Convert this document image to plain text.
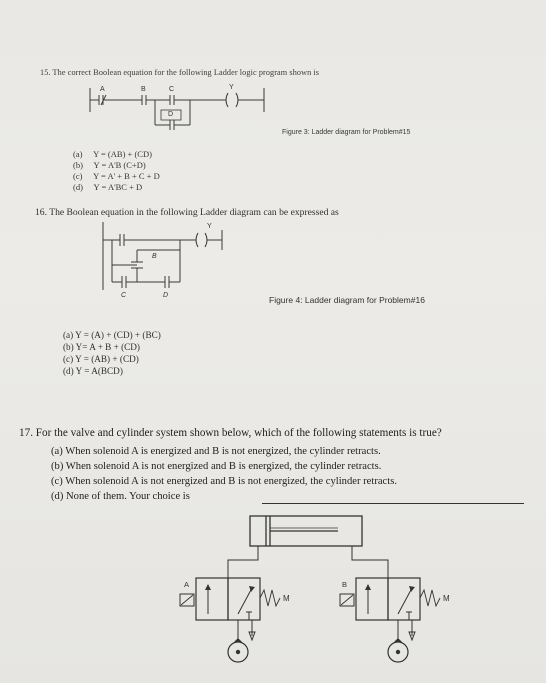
15. The correct Boolean equation for the following Ladder logic program shown is
A	B	C
D
Y
Figure 3: Ladder diagram for Problem#15
(a) Y = (AB) + (CD)
(b) Y = A'B (C+D)
(c) Y = A' + B + C + D
(d) Y = A'BC + D
16. The Boolean equation in the following Ladder diagram can be expressed as
Y
B
C	D	Figure 4: Ladder diagram for Problem#16
(a) Y = (A) + (CD) + (BC)
(b) Y= A + B + (CD)
(c) Y = (AB) + (CD)
(d) Y = A(BCD)
17. For the valve and cylinder system shown below, which of the following statements is true?
(a) When solenoid A is energized and B is not energized, the cylinder retracts.
(b) When solenoid A is not energized and B is energized, the cylinder retracts.
(c) When solenoid A is not energized and B is not energized, the cylinder retracts.
(d) None of them. Your choice is
A	B
M	M
